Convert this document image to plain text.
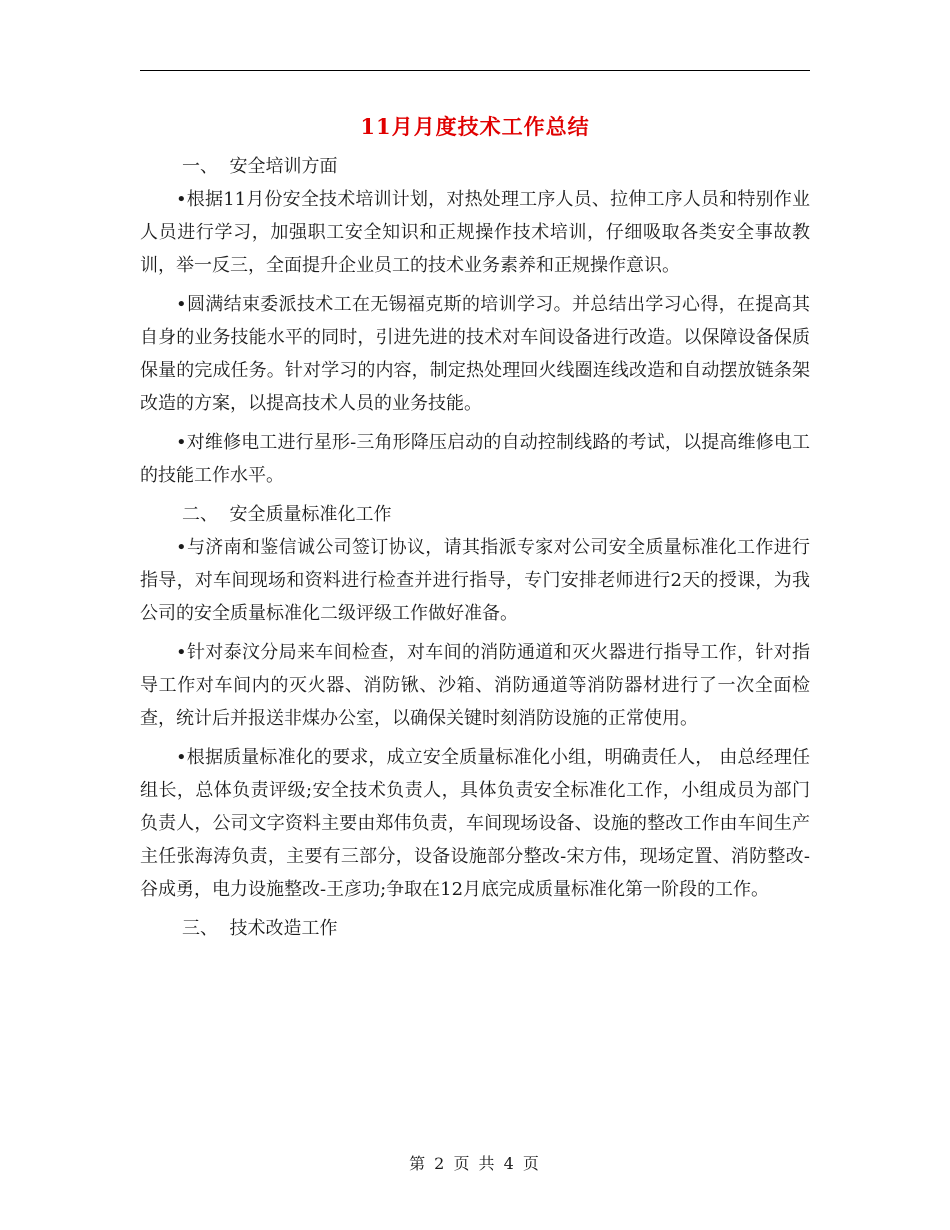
11月月度技术工作总结

一、  安全培训方面

•根据11月份安全技术培训计划，对热处理工序人员、拉伸工序人员和特别作业人员进行学习，加强职工安全知识和正规操作技术培训，仔细吸取各类安全事故教训，举一反三，全面提升企业员工的技术业务素养和正规操作意识。

•圆满结束委派技术工在无锡福克斯的培训学习。并总结出学习心得，在提高其自身的业务技能水平的同时，引进先进的技术对车间设备进行改造。以保障设备保质保量的完成任务。针对学习的内容，制定热处理回火线圈连线改造和自动摆放链条架改造的方案，以提高技术人员的业务技能。

•对维修电工进行星形-三角形降压启动的自动控制线路的考试，以提高维修电工的技能工作水平。

二、  安全质量标准化工作

•与济南和鉴信诚公司签订协议，请其指派专家对公司安全质量标准化工作进行指导，对车间现场和资料进行检查并进行指导，专门安排老师进行2天的授课，为我公司的安全质量标准化二级评级工作做好准备。

•针对泰汶分局来车间检查，对车间的消防通道和灭火器进行指导工作，针对指导工作对车间内的灭火器、消防锹、沙箱、消防通道等消防器材进行了一次全面检查，统计后并报送非煤办公室，以确保关键时刻消防设施的正常使用。

•根据质量标准化的要求，成立安全质量标准化小组，明确责任人， 由总经理任组长，总体负责评级;安全技术负责人，具体负责安全标准化工作，小组成员为部门负责人，公司文字资料主要由郑伟负责，车间现场设备、设施的整改工作由车间生产主任张海涛负责，主要有三部分，设备设施部分整改-宋方伟，现场定置、消防整改-谷成勇，电力设施整改-王彦功;争取在12月底完成质量标准化第一阶段的工作。

三、  技术改造工作

第 2 页 共 4 页
